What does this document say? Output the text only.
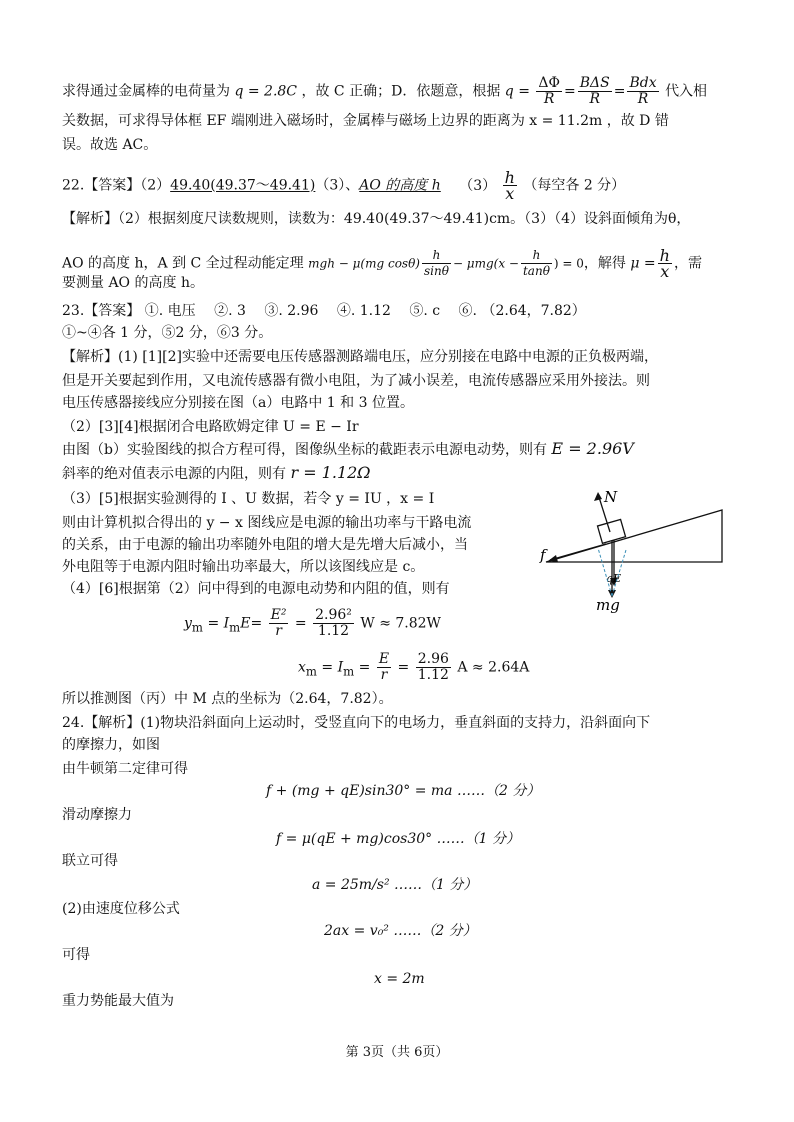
求得通过金属棒的电荷量为 q = 2.8C ，故 C 正确；D．依题意，根据 $q = \frac{\Delta\Phi}{R} = \frac{\text{BΔS}}{R} = \frac{\text{Bdx}}{R}$ 代入相
关数据，可求得导体框 EF 端刚进入磁场时，金属棒与磁场上边界的距离为 x = 11.2m ，故 D 错
误。故选 AC。
22.【答案】（2）49.40(49.37～49.41)（3）、AO 的高度 h $(3) \frac{h}{x}$ （每空各 2 分）
【解析】（2）根据刻度尺读数规则，读数为：49.40(49.37～49.41)cm。（3）（4）设斜面倾角为θ，
AO 的高度 h，A 到 C 全过程动能定理 mgh − μ(mg $\cos\theta) \frac{h}{\sin\theta} - \mu mg(x - \frac{h}{\tan\theta}$ ) = 0，解得 $\mu = \frac{h}{x}$ ，需
要测量 AO 的高度 h。
23.【答案】 ①. 电压　 ②. 3　 ③. 2.96　 ④. 1.12　 ⑤. c　 ⑥. （2.64，7.82）
①~④各 1 分，⑤2 分，⑥3 分。
【解析】(1) [1][2]实验中还需要电压传感器测路端电压，应分别接在电路中电源的正负极两端，
但是开关要起到作用，又电流传感器有微小电阻，为了减小误差，电流传感器应采用外接法。则
电压传感器接线应分别接在图（a）电路中 1 和 3 位置。
（2）[3][4]根据闭合电路欧姆定律 U = E − Ir
由图（b）实验图线的拟合方程可得，图像纵坐标的截距表示电源电动势，则有 E = 2.96V
斜率的绝对值表示电源的内阻，则有 r = 1.12Ω
（3）[5]根据实验测得的 I 、U 数据，若令 y = IU ，x = I
则由计算机拟合得出的 y − x 图线应是电源的输出功率与干路电流
的关系，由于电源的输出功率随外电阻的增大是先增大后减小，当
外电阻等于电源内阻时输出功率最大，所以该图线应是 c。
（4）[6]根据第（2）问中得到的电源电动势和内阻的值，则有
$y_m = I_mE= \frac{\text{E²}}{r} = \frac{\text{2.96²}}{1.12}$ W ≈ 7.82W
$x_m = I_m = \frac{E}{r} = \frac{2.96}{1.12}$ A ≈ 2.64A
所以推测图（丙）中 M 点的坐标为（2.64，7.82）。
24.【解析】(1)物块沿斜面向上运动时，受竖直向下的电场力，垂直斜面的支持力，沿斜面向下
的摩擦力，如图
由牛顿第二定律可得
f + (mg + qE)sin30° = ma ……（2 分）
滑动摩擦力
f = μ(qE + mg)cos30° ……（1 分）
联立可得
a = 25m/s² ……（1 分）
(2)由速度位移公式
2ax = v₀² ……（2 分）
可得
x = 2m
重力势能最大值为
N
f
qE
mg
第 3页（共 6页）
